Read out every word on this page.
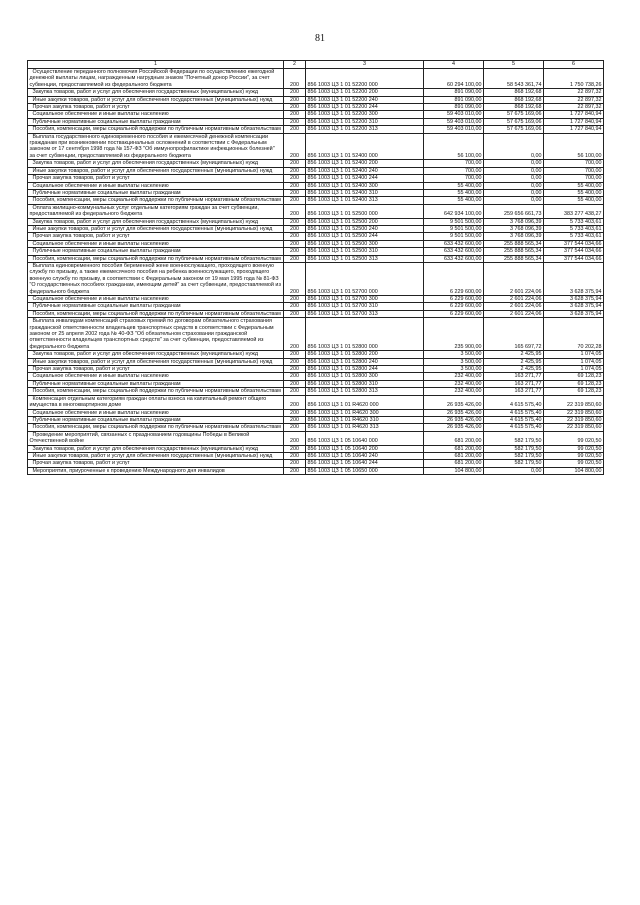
81
1	2	3	4	5	6
Осуществление переданного полномочия Российской Федерации по осуществлению ежегодной денежной выплаты лицам, награжденным нагрудным знаком "Почетный донор России", за счет субвенции, предоставляемой из федерального бюджета	200	856 1003 ЦЗ 1 01 52200 000	60 294 100,00	58 543 361,74	1 750 738,26
Закупка товаров, работ и услуг для обеспечения государственных (муниципальных) нужд	200	856 1003 ЦЗ 1 01 52200 200	891 090,00	868 192,68	22 897,32
Иные закупки товаров, работ и услуг для обеспечения государственных (муниципальных) нужд	200	856 1003 ЦЗ 1 01 52200 240	891 090,00	868 192,68	22 897,32
Прочая закупка товаров, работ и услуг	200	856 1003 ЦЗ 1 01 52200 244	891 090,00	868 192,68	22 897,32
Социальное обеспечение и иные выплаты населению	200	856 1003 ЦЗ 1 01 52200 300	59 403 010,00	57 675 169,06	1 727 840,94
Публичные нормативные социальные выплаты гражданам	200	856 1003 ЦЗ 1 01 52200 310	59 403 010,00	57 675 169,06	1 727 840,94
Пособия, компенсации, меры социальной поддержки по публичным нормативным обязательствам	200	856 1003 ЦЗ 1 01 52200 313	59 403 010,00	57 675 169,06	1 727 840,94
Выплата государственного единовременного пособия и ежемесячной денежной компенсации гражданам при возникновении поствакцинальных осложнений в соответствии с Федеральным законом от 17 сентября 1998 года № 157-ФЗ "Об иммунопрофилактике инфекционных болезней" за счет субвенции, предоставляемой из федерального бюджета	200	856 1003 ЦЗ 1 01 52400 000	56 100,00	0,00	56 100,00
Закупка товаров, работ и услуг для обеспечения государственных (муниципальных) нужд	200	856 1003 ЦЗ 1 01 52400 200	700,00	0,00	700,00
Иные закупки товаров, работ и услуг для обеспечения государственных (муниципальных) нужд	200	856 1003 ЦЗ 1 01 52400 240	700,00	0,00	700,00
Прочая закупка товаров, работ и услуг	200	856 1003 ЦЗ 1 01 52400 244	700,00	0,00	700,00
Социальное обеспечение и иные выплаты населению	200	856 1003 ЦЗ 1 01 52400 300	55 400,00	0,00	55 400,00
Публичные нормативные социальные выплаты гражданам	200	856 1003 ЦЗ 1 01 52400 310	55 400,00	0,00	55 400,00
Пособия, компенсации, меры социальной поддержки по публичным нормативным обязательствам	200	856 1003 ЦЗ 1 01 52400 313	55 400,00	0,00	55 400,00
Оплата жилищно-коммунальных услуг отдельным категориям граждан за счет субвенции, предоставляемой из федерального бюджета	200	856 1003 ЦЗ 1 01 52500 000	642 934 100,00	259 656 661,73	383 277 438,27
Закупка товаров, работ и услуг для обеспечения государственных (муниципальных) нужд	200	856 1003 ЦЗ 1 01 52500 200	9 501 500,00	3 768 096,39	5 733 403,61
Иные закупки товаров, работ и услуг для обеспечения государственных (муниципальных) нужд	200	856 1003 ЦЗ 1 01 52500 240	9 501 500,00	3 768 096,39	5 733 403,61
Прочая закупка товаров, работ и услуг	200	856 1003 ЦЗ 1 01 52500 244	9 501 500,00	3 768 096,39	5 733 403,61
Социальное обеспечение и иные выплаты населению	200	856 1003 ЦЗ 1 01 52500 300	633 432 600,00	255 888 565,34	377 544 034,66
Публичные нормативные социальные выплаты гражданам	200	856 1003 ЦЗ 1 01 52500 310	633 432 600,00	255 888 565,34	377 544 034,66
Пособия, компенсации, меры социальной поддержки по публичным нормативным обязательствам	200	856 1003 ЦЗ 1 01 52500 313	633 432 600,00	255 888 565,34	377 544 034,66
Выплата единовременного пособия беременной жене военнослужащего, проходящего военную службу по призыву, а также ежемесячного пособия на ребенка военнослужащего, проходящего военную службу по призыву, в соответствии с Федеральным законом от 19 мая 1995 года № 81-ФЗ "О государственных пособиях гражданам, имеющим детей" за счет субвенции, предоставляемой из федерального бюджета	200	856 1003 ЦЗ 1 01 52700 000	6 229 600,00	2 601 224,06	3 628 375,94
Социальное обеспечение и иные выплаты населению	200	856 1003 ЦЗ 1 01 52700 300	6 229 600,00	2 601 224,06	3 628 375,94
Публичные нормативные социальные выплаты гражданам	200	856 1003 ЦЗ 1 01 52700 310	6 229 600,00	2 601 224,06	3 628 375,94
Пособия, компенсации, меры социальной поддержки по публичным нормативным обязательствам	200	856 1003 ЦЗ 1 01 52700 313	6 229 600,00	2 601 224,06	3 628 375,94
Выплата инвалидам компенсаций страховых премий по договорам обязательного страхования гражданской ответственности владельцев транспортных средств в соответствии с Федеральным законом от 25 апреля 2002 года № 40-ФЗ "Об обязательном страховании гражданской ответственности владельцев транспортных средств" за счет субвенции, предоставляемой из федерального бюджета	200	856 1003 ЦЗ 1 01 52800 000	235 900,00	165 697,72	70 202,28
Закупка товаров, работ и услуг для обеспечения государственных (муниципальных) нужд	200	856 1003 ЦЗ 1 01 52800 200	3 500,00	2 425,95	1 074,05
Иные закупки товаров, работ и услуг для обеспечения государственных (муниципальных) нужд	200	856 1003 ЦЗ 1 01 52800 240	3 500,00	2 425,95	1 074,05
Прочая закупка товаров, работ и услуг	200	856 1003 ЦЗ 1 01 52800 244	3 500,00	2 425,95	1 074,05
Социальное обеспечение и иные выплаты населению	200	856 1003 ЦЗ 1 01 52800 300	232 400,00	163 271,77	69 128,23
Публичные нормативные социальные выплаты гражданам	200	856 1003 ЦЗ 1 01 52800 310	232 400,00	163 271,77	69 128,23
Пособия, компенсации, меры социальной поддержки по публичным нормативным обязательствам	200	856 1003 ЦЗ 1 01 52800 313	232 400,00	163 271,77	69 128,23
Компенсация отдельным категориям граждан оплаты взноса на капитальный ремонт общего имущества в многоквартирном доме	200	856 1003 ЦЗ 1 01 R4620 000	26 935 426,00	4 615 575,40	22 319 850,60
Социальное обеспечение и иные выплаты населению	200	856 1003 ЦЗ 1 01 R4620 300	26 935 426,00	4 615 575,40	22 319 850,60
Публичные нормативные социальные выплаты гражданам	200	856 1003 ЦЗ 1 01 R4620 310	26 935 426,00	4 615 575,40	22 319 850,60
Пособия, компенсации, меры социальной поддержки по публичным нормативным обязательствам	200	856 1003 ЦЗ 1 01 R4620 313	26 935 426,00	4 615 575,40	22 319 850,60
Проведение мероприятий, связанных с празднованием годовщины Победы в Великой Отечественной войне	200	856 1003 ЦЗ 1 05 10640 000	681 200,00	582 179,50	99 020,50
Закупка товаров, работ и услуг для обеспечения государственных (муниципальных) нужд	200	856 1003 ЦЗ 1 05 10640 200	681 200,00	582 179,50	99 020,50
Иные закупки товаров, работ и услуг для обеспечения государственных (муниципальных) нужд	200	856 1003 ЦЗ 1 05 10640 240	681 200,00	582 179,50	99 020,50
Прочая закупка товаров, работ и услуг	200	856 1003 ЦЗ 1 05 10640 244	681 200,00	582 179,50	99 020,50
Мероприятия, приуроченные к проведению Международного дня инвалидов	200	856 1003 ЦЗ 1 05 10650 000	104 800,00	0,00	104 800,00
